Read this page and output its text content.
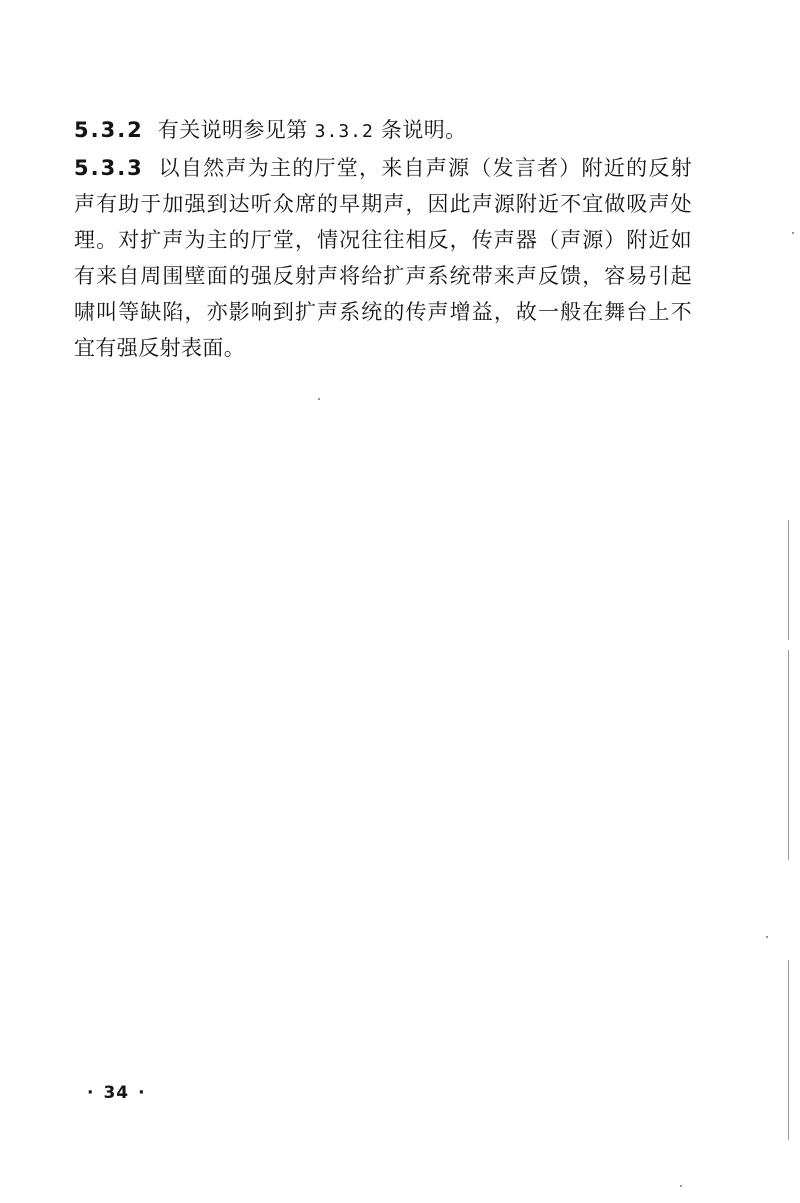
5.3.2 有关说明参见第 3.3.2 条说明。

5.3.3 以自然声为主的厅堂，来自声源（发言者）附近的反射声有助于加强到达听众席的早期声，因此声源附近不宜做吸声处理。对扩声为主的厅堂，情况往往相反，传声器（声源）附近如有来自周围壁面的强反射声将给扩声系统带来声反馈，容易引起啸叫等缺陷，亦影响到扩声系统的传声增益，故一般在舞台上不宜有强反射表面。

· 34 ·
